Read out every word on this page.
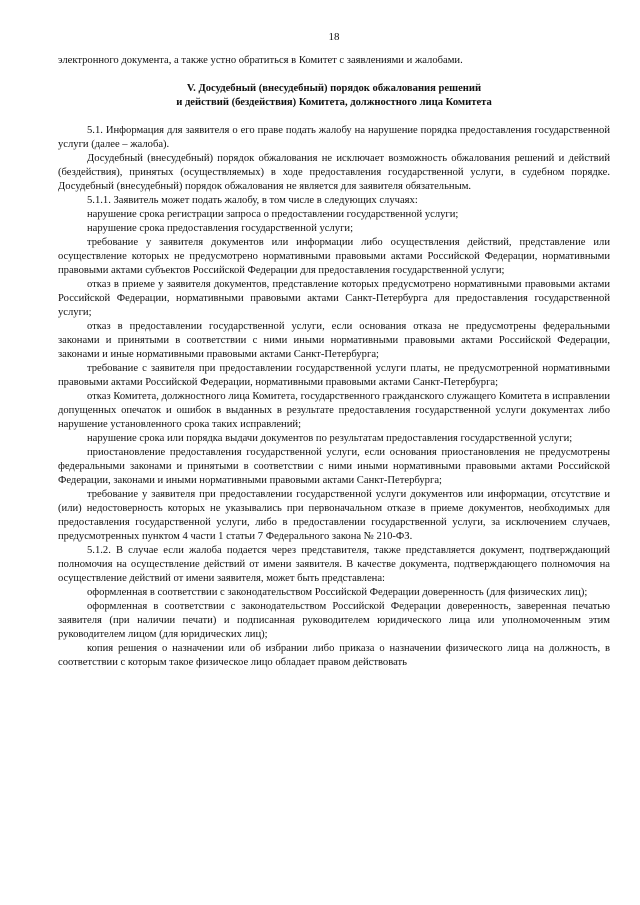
18

электронного документа, а также устно обратиться в Комитет с заявлениями и жалобами.

V. Досудебный (внесудебный) порядок обжалования решений
и действий (бездействия) Комитета, должностного лица Комитета

5.1. Информация для заявителя о его праве подать жалобу на нарушение порядка предоставления государственной услуги (далее – жалоба).

Досудебный (внесудебный) порядок обжалования не исключает возможность обжалования решений и действий (бездействия), принятых (осуществляемых) в ходе предоставления государственной услуги, в судебном порядке. Досудебный (внесудебный) порядок обжалования не является для заявителя обязательным.

5.1.1. Заявитель может подать жалобу, в том числе в следующих случаях:

нарушение срока регистрации запроса о предоставлении государственной услуги;

нарушение срока предоставления государственной услуги;

требование у заявителя документов или информации либо осуществления действий, представление или осуществление которых не предусмотрено нормативными правовыми актами Российской Федерации, нормативными правовыми актами субъектов Российской Федерации для предоставления государственной услуги;

отказ в приеме у заявителя документов, представление которых предусмотрено нормативными правовыми актами Российской Федерации, нормативными правовыми актами Санкт-Петербурга для предоставления государственной услуги;

отказ в предоставлении государственной услуги, если основания отказа не предусмотрены федеральными законами и принятыми в соответствии с ними иными нормативными правовыми актами Российской Федерации, законами и иные нормативными правовыми актами Санкт-Петербурга;

требование с заявителя при предоставлении государственной услуги платы, не предусмотренной нормативными правовыми актами Российской Федерации, нормативными правовыми актами Санкт-Петербурга;

отказ Комитета, должностного лица Комитета, государственного гражданского служащего Комитета в исправлении допущенных опечаток и ошибок в выданных в результате предоставления государственной услуги документах либо нарушение установленного срока таких исправлений;

нарушение срока или порядка выдачи документов по результатам предоставления государственной услуги;

приостановление предоставления государственной услуги, если основания приостановления не предусмотрены федеральными законами и принятыми в соответствии с ними иными нормативными правовыми актами Российской Федерации, законами и иными нормативными правовыми актами Санкт-Петербурга;

требование у заявителя при предоставлении государственной услуги документов или информации, отсутствие и (или) недостоверность которых не указывались при первоначальном отказе в приеме документов, необходимых для предоставления государственной услуги, либо в предоставлении государственной услуги, за исключением случаев, предусмотренных пунктом 4 части 1 статьи 7 Федерального закона № 210-ФЗ.

5.1.2. В случае если жалоба подается через представителя, также представляется документ, подтверждающий полномочия на осуществление действий от имени заявителя. В качестве документа, подтверждающего полномочия на осуществление действий от имени заявителя, может быть представлена:

оформленная в соответствии с законодательством Российской Федерации доверенность (для физических лиц);

оформленная в соответствии с законодательством Российской Федерации доверенность, заверенная печатью заявителя (при наличии печати) и подписанная руководителем юридического лица или уполномоченным этим руководителем лицом (для юридических лиц);

копия решения о назначении или об избрании либо приказа о назначении физического лица на должность, в соответствии с которым такое физическое лицо обладает правом действовать
